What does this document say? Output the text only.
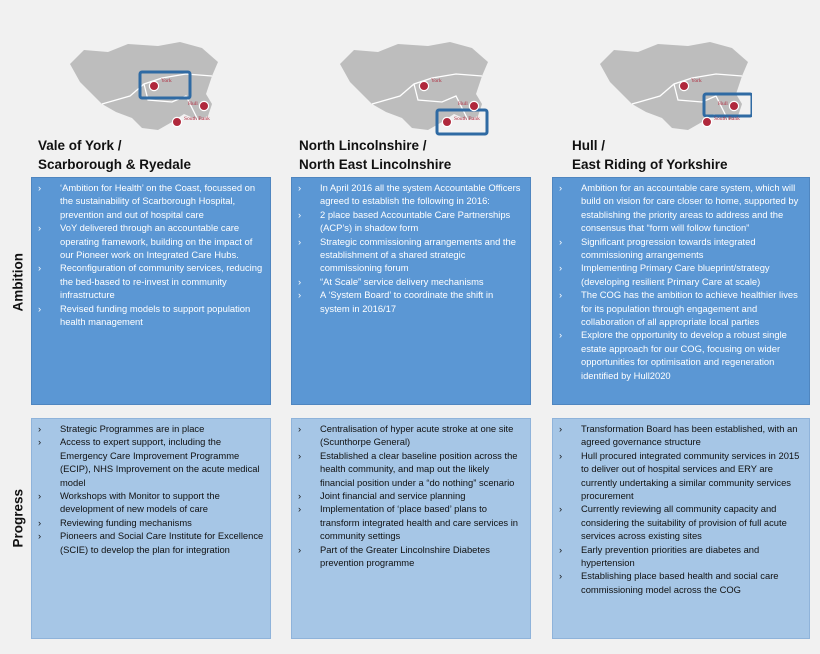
Ambition
Progress
York
Hull
South Bank
Vale of York /
Scarborough & Ryedale
› ‘Ambition for Health’ on the Coast, focussed on the sustainability of Scarborough Hospital, prevention and out of hospital care
› VoY delivered through an accountable care operating framework, building on the impact of our Pioneer work on Integrated Care Hubs.
› Reconfiguration of community services, reducing the bed-based to re-invest in community infrastructure
› Revised funding models to support population health management
› Strategic Programmes are in place
› Access to expert support, including the Emergency Care Improvement Programme (ECIP), NHS Improvement on the acute medical model
› Workshops with Monitor to support the development of new models of care
› Reviewing funding mechanisms
› Pioneers and Social Care Institute for Excellence (SCIE) to develop the plan for integration
York
Hull
South Bank
North Lincolnshire /
North East Lincolnshire
› In April 2016 all the system Accountable Officers agreed to establish the following in 2016:
› 2 place based Accountable Care Partnerships (ACP’s) in shadow form
› Strategic commissioning arrangements and the establishment of a shared strategic commissioning forum
› “At Scale” service delivery mechanisms
› A ‘System Board’ to coordinate the shift in system in 2016/17
› Centralisation of hyper acute stroke at one site (Scunthorpe General)
› Established a clear baseline position across the health community, and map out the likely financial position under a “do nothing” scenario
› Joint financial and service planning
› Implementation of ‘place based’ plans to transform integrated health and care services in community settings
› Part of the Greater Lincolnshire Diabetes prevention programme
York
Hull
South Bank
Hull /
East Riding of Yorkshire
› Ambition for an accountable care system, which will build on vision for care closer to home, supported by establishing the priority areas to address and the consensus that “form will follow function”
› Significant progression towards integrated commissioning arrangements
› Implementing Primary Care blueprint/strategy (developing resilient Primary Care at scale)
› The COG has the ambition to achieve healthier lives for its population through engagement and collaboration of all appropriate local parties
› Explore the opportunity to develop a robust single estate approach for our COG, focusing on wider opportunities for optimisation and regeneration identified by Hull2020
› Transformation Board has been established, with an agreed governance structure
› Hull procured integrated community services in 2015 to deliver out of hospital services and ERY are currently undertaking a similar community services procurement
› Currently reviewing all community capacity and considering the suitability of provision of full acute services across existing sites
› Early prevention priorities are diabetes and hypertension
› Establishing place based health and social care commissioning model across the COG
